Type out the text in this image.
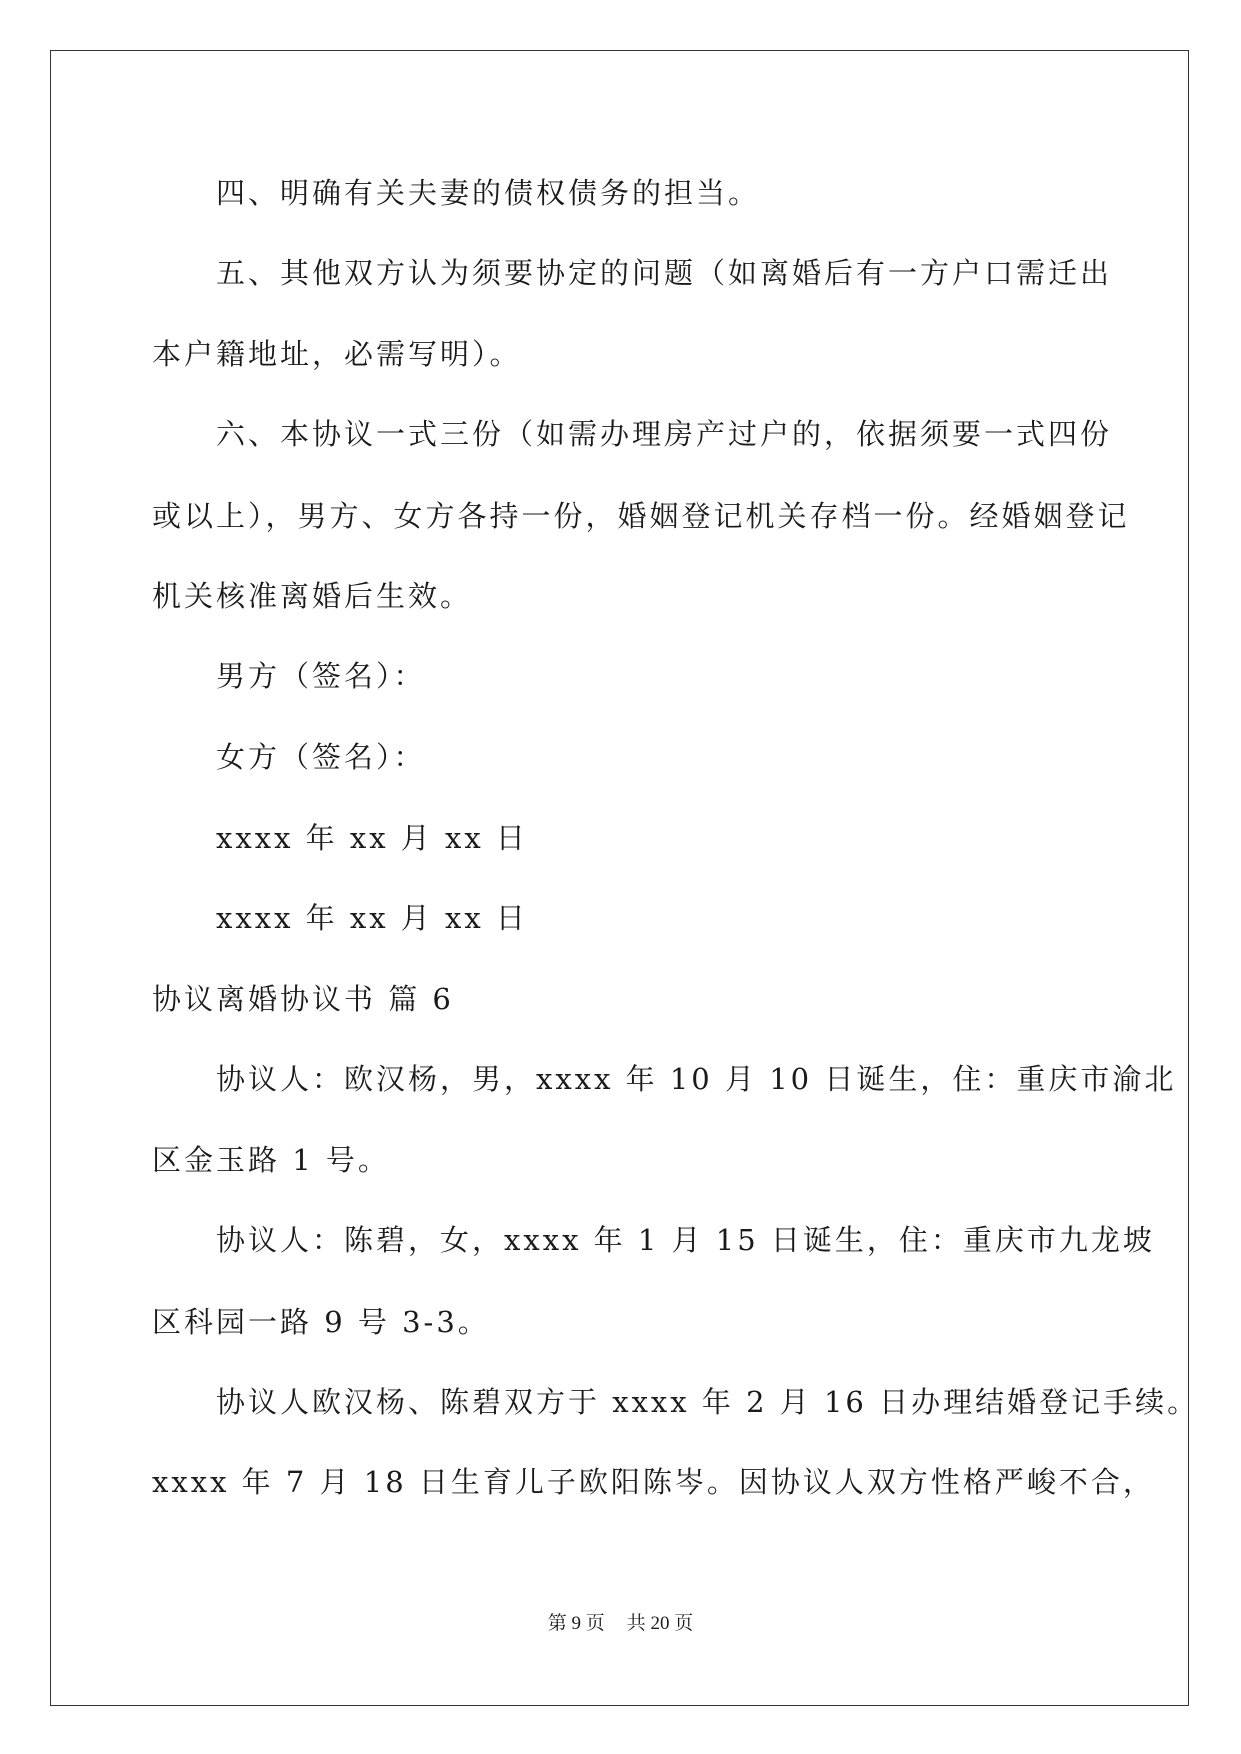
四、明确有关夫妻的债权债务的担当。
五、其他双方认为须要协定的问题（如离婚后有一方户口需迁出
本户籍地址，必需写明）。
六、本协议一式三份（如需办理房产过户的，依据须要一式四份
或以上），男方、女方各持一份，婚姻登记机关存档一份。经婚姻登记
机关核准离婚后生效。
男方（签名）：
女方（签名）：
xxxx 年 xx 月 xx 日
xxxx 年 xx 月 xx 日
协议离婚协议书 篇 6
协议人：欧汉杨，男，xxxx 年 10 月 10 日诞生，住：重庆市渝北
区金玉路 1 号。
协议人：陈碧，女，xxxx 年 1 月 15 日诞生，住：重庆市九龙坡
区科园一路 9 号 3-3。
协议人欧汉杨、陈碧双方于 xxxx 年 2 月 16 日办理结婚登记手续。
xxxx 年 7 月 18 日生育儿子欧阳陈岑。因协议人双方性格严峻不合，
第 9 页 共 20 页
